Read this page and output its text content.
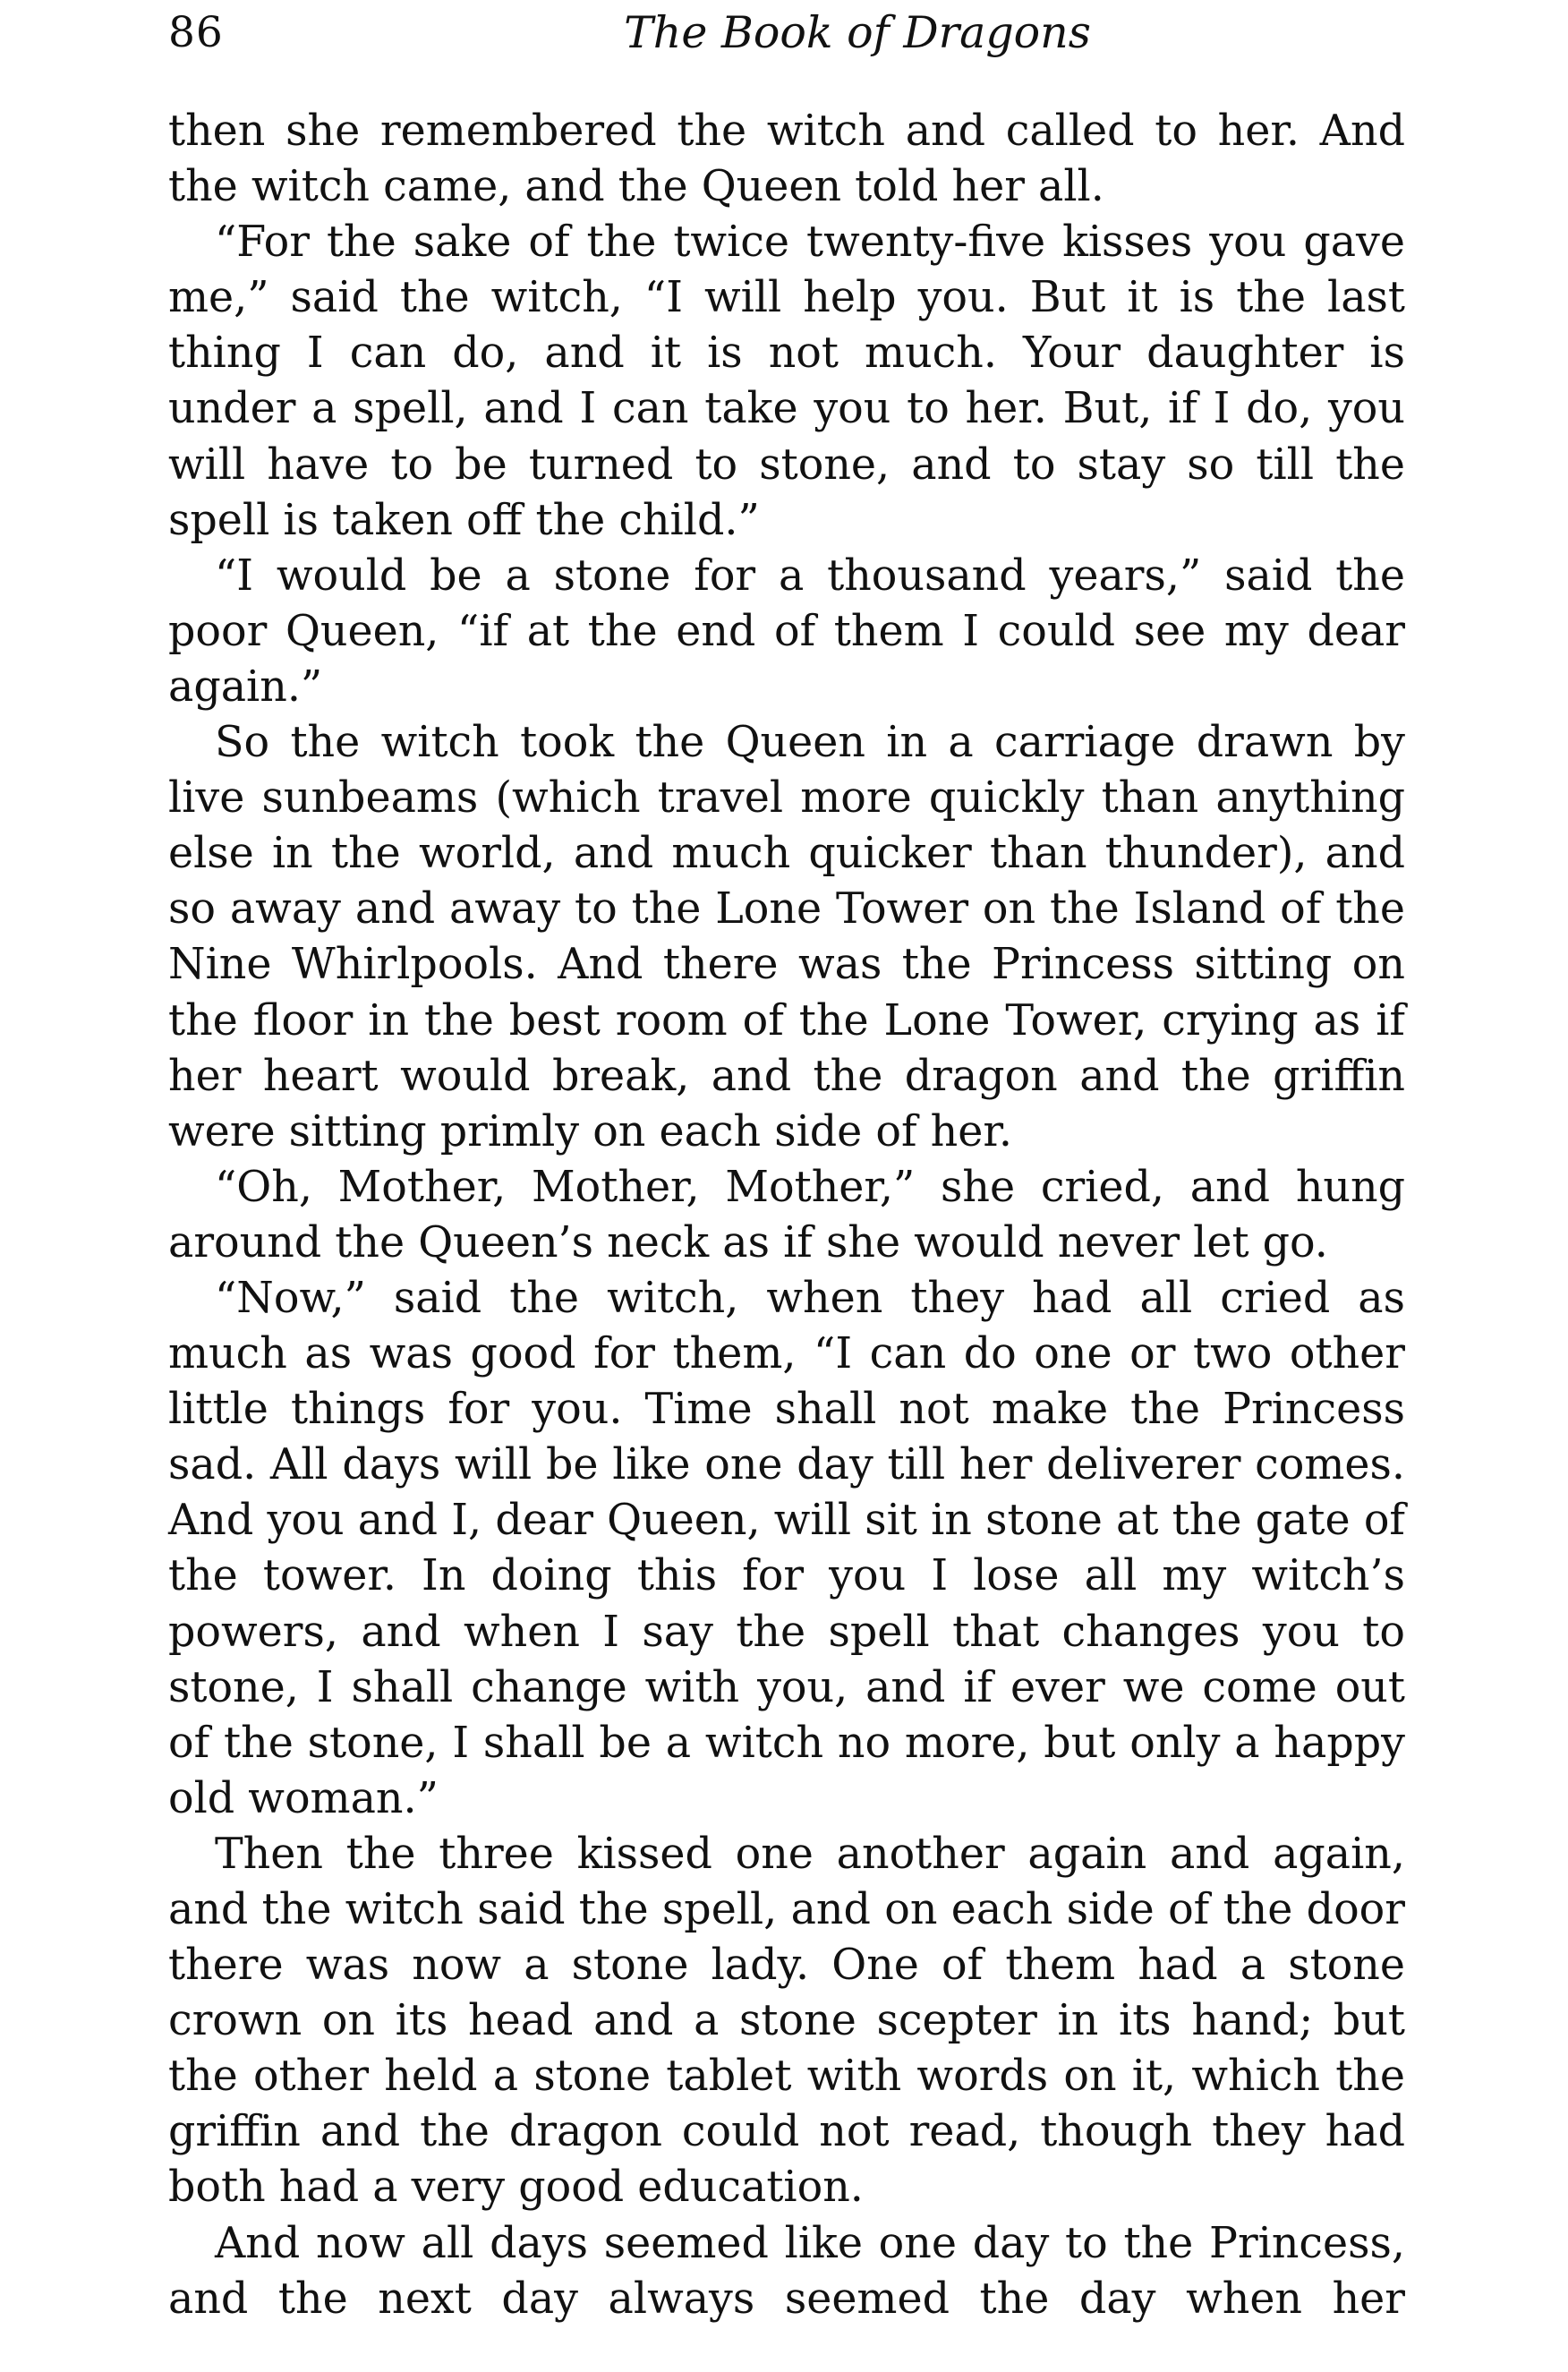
86	The Book of Dragons

then she remembered the witch and called to her. And the witch came, and the Queen told her all.

“For the sake of the twice twenty-five kisses you gave me,” said the witch, “I will help you. But it is the last thing I can do, and it is not much. Your daughter is under a spell, and I can take you to her. But, if I do, you will have to be turned to stone, and to stay so till the spell is taken off the child.”

“I would be a stone for a thousand years,” said the poor Queen, “if at the end of them I could see my dear again.”

So the witch took the Queen in a carriage drawn by live sunbeams (which travel more quickly than anything else in the world, and much quicker than thunder), and so away and away to the Lone Tower on the Island of the Nine Whirlpools. And there was the Princess sitting on the floor in the best room of the Lone Tower, crying as if her heart would break, and the dragon and the griffin were sitting primly on each side of her.

“Oh, Mother, Mother, Mother,” she cried, and hung around the Queen’s neck as if she would never let go.

“Now,” said the witch, when they had all cried as much as was good for them, “I can do one or two other little things for you. Time shall not make the Princess sad. All days will be like one day till her deliverer comes. And you and I, dear Queen, will sit in stone at the gate of the tower. In doing this for you I lose all my witch’s powers, and when I say the spell that changes you to stone, I shall change with you, and if ever we come out of the stone, I shall be a witch no more, but only a happy old woman.”

Then the three kissed one another again and again, and the witch said the spell, and on each side of the door there was now a stone lady. One of them had a stone crown on its head and a stone scepter in its hand; but the other held a stone tablet with words on it, which the griffin and the dragon could not read, though they had both had a very good education.

And now all days seemed like one day to the Princess, and the next day always seemed the day when her
